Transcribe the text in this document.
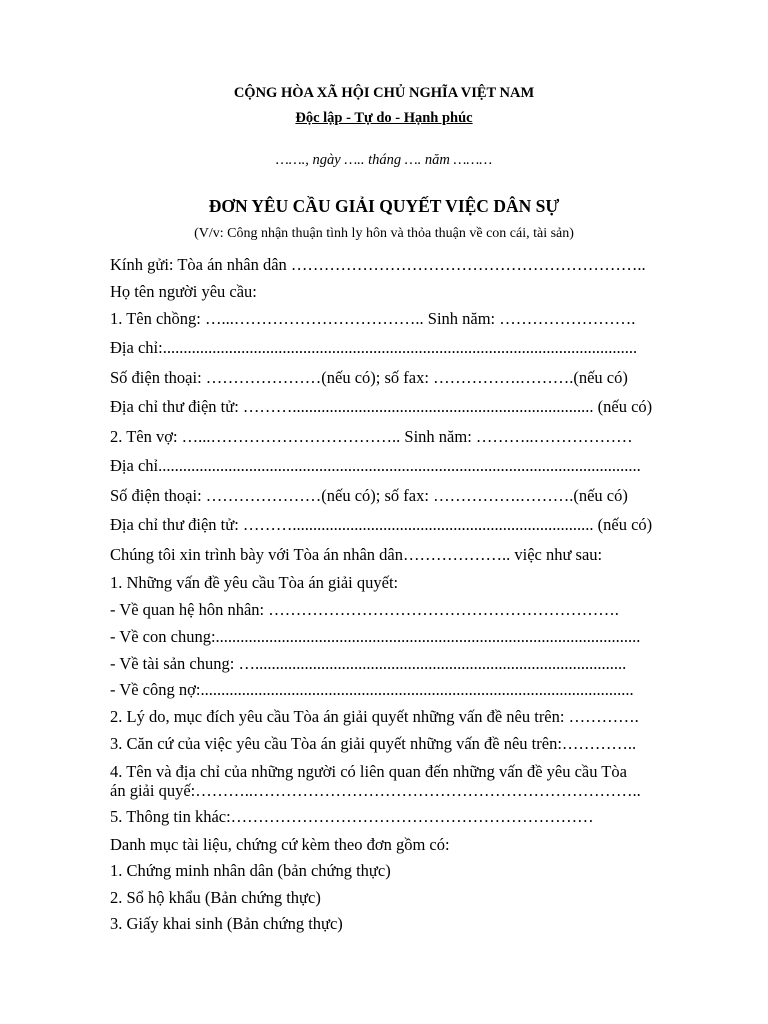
CỘNG HÒA XÃ HỘI CHỦ NGHĨA VIỆT NAM
Độc lập - Tự do - Hạnh phúc
……., ngày ….. tháng …. năm ………
ĐƠN YÊU CẦU GIẢI QUYẾT VIỆC DÂN SỰ
(V/v: Công nhận thuận tình ly hôn và thỏa thuận về con cái, tài sản)
Kính gửi: Tòa án nhân dân ………………………………………………………..
Họ tên người yêu cầu:
1. Tên chồng: …...…………………………….. Sinh năm: …………………….
Địa chỉ:...................................................................................................................
Số điện thoại: …………………(nếu có); số fax: …………….……….(nếu có)
Địa chỉ thư điện tử: ………......................................................................... (nếu có)
2. Tên vợ: …...…………………………….. Sinh năm: ………..………………
Địa chỉ.....................................................................................................................
Số điện thoại: …………………(nếu có); số fax: …………….……….(nếu có)
Địa chỉ thư điện tử: ………......................................................................... (nếu có)
Chúng tôi xin trình bày với Tòa án nhân dân……………….. việc như sau:
1. Những vấn đề yêu cầu Tòa án giải quyết:
- Về quan hệ hôn nhân: ……………………………………………………….
- Về con chung:.......................................................................................................
- Về tài sản chung: …..........................................................................................
- Về công nợ:.........................................................................................................
2. Lý do, mục đích yêu cầu Tòa án giải quyết những vấn đề nêu trên: ………….
3. Căn cứ của việc yêu cầu Tòa án giải quyết những vấn đề nêu trên:…………..
4. Tên và địa chỉ của những người có liên quan đến những vấn đề yêu cầu Tòa
án giải quyế:………..……………………………………………………………..
5. Thông tin khác:…………………………………………………………
Danh mục tài liệu, chứng cứ kèm theo đơn gồm có:
1. Chứng minh nhân dân (bản chứng thực)
2. Sổ hộ khẩu (Bản chứng thực)
3. Giấy khai sinh (Bản chứng thực)
